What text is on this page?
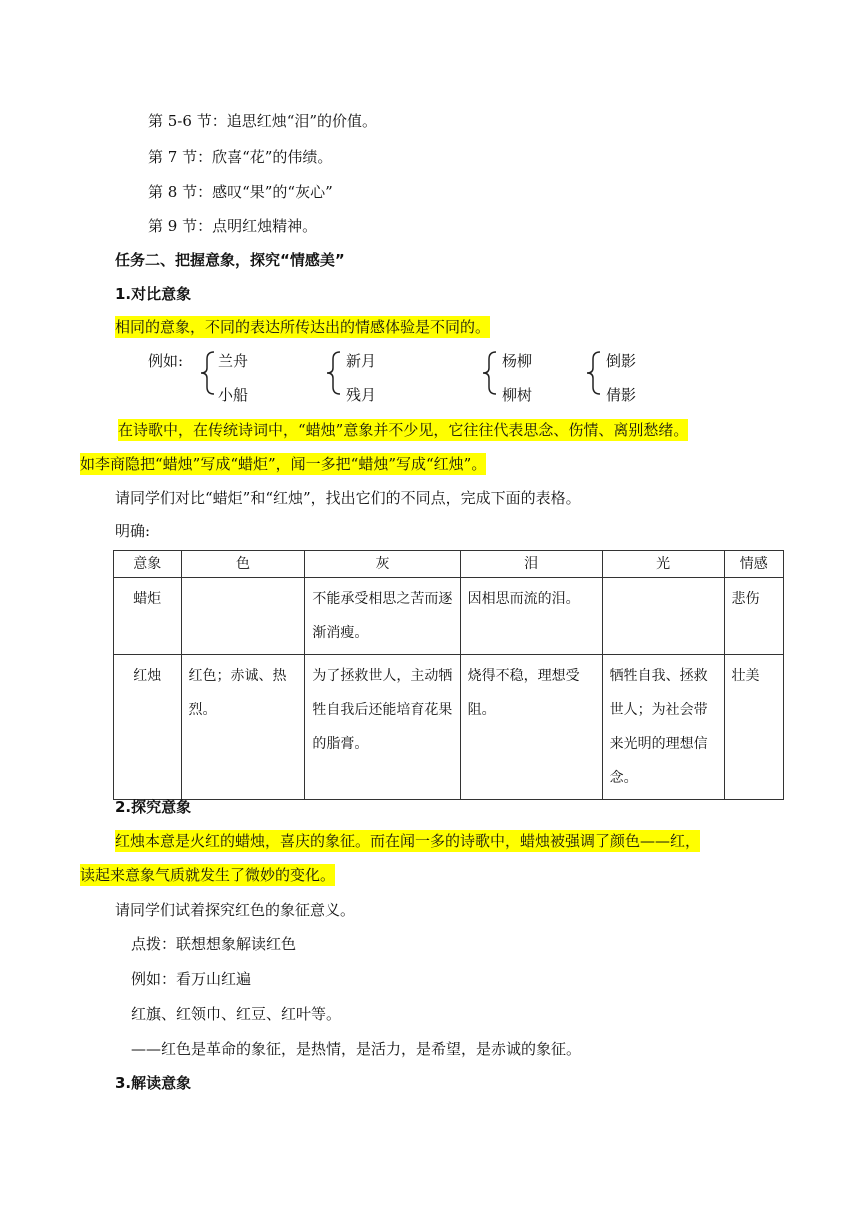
第 5-6 节：追思红烛“泪”的价值。
第 7 节：欣喜“花”的伟绩。
第 8 节：感叹“果”的“灰心”
第 9 节：点明红烛精神。
任务二、把握意象，探究“情感美”
1.对比意象
相同的意象，不同的表达所传达出的情感体验是不同的。
例如: 兰舟
小船
新月
残月
杨柳
柳树
倒影
倩影
在诗歌中，在传统诗词中，“蜡烛”意象并不少见，它往往代表思念、伤情、离别愁绪。
如李商隐把“蜡烛”写成“蜡炬”，闻一多把“蜡烛”写成“红烛”。
请同学们对比“蜡炬”和“红烛”，找出它们的不同点，完成下面的表格。
明确:
意象	色	灰	泪	光	情感
蜡炬		不能承受相思之苦而逐渐消瘦。	因相思而流的泪。		悲伤
红烛	红色；赤诚、热烈。	为了拯救世人，主动牺牲自我后还能培育花果的脂膏。	烧得不稳，理想受阻。	牺牲自我、拯救世人；为社会带来光明的理想信念。	壮美
2.探究意象
红烛本意是火红的蜡烛，喜庆的象征。而在闻一多的诗歌中，蜡烛被强调了颜色——红，
读起来意象气质就发生了微妙的变化。
请同学们试着探究红色的象征意义。
点拨：联想想象解读红色
例如：看万山红遍
红旗、红领巾、红豆、红叶等。
——红色是革命的象征，是热情，是活力，是希望，是赤诚的象征。
3.解读意象
